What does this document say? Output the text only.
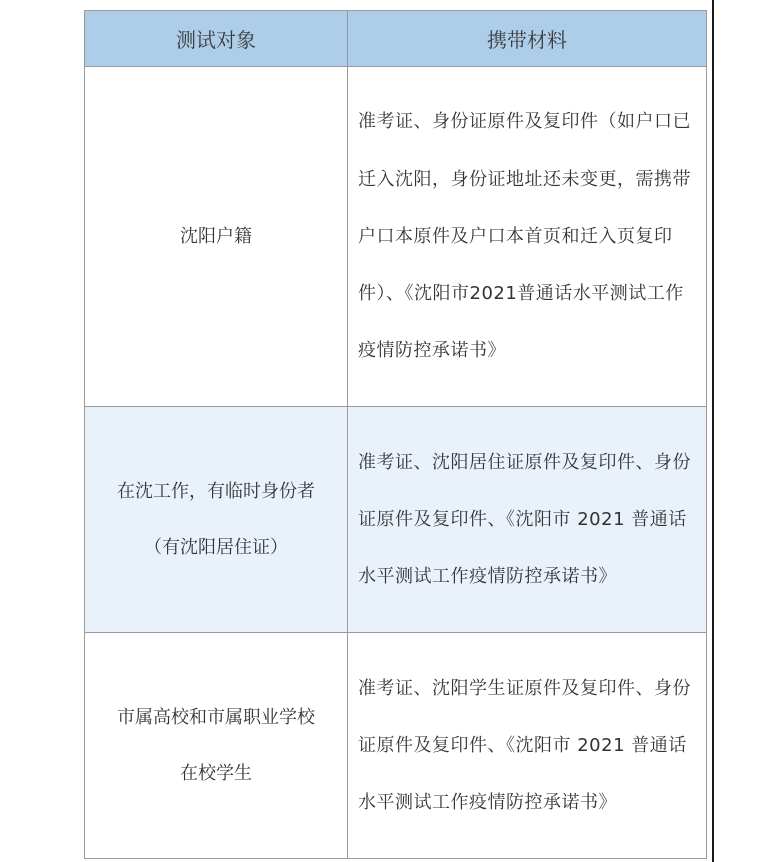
测试对象	携带材料

沈阳户籍	准考证、身份证原件及复印件（如户口已迁入沈阳，身份证地址还未变更，需携带户口本原件及户口本首页和迁入页复印件）、《沈阳市2021普通话水平测试工作疫情防控承诺书》

在沈工作，有临时身份者
（有沈阳居住证）	准考证、沈阳居住证原件及复印件、身份证原件及复印件、《沈阳市 2021 普通话水平测试工作疫情防控承诺书》

市属高校和市属职业学校
在校学生	准考证、沈阳学生证原件及复印件、身份证原件及复印件、《沈阳市 2021 普通话水平测试工作疫情防控承诺书》
